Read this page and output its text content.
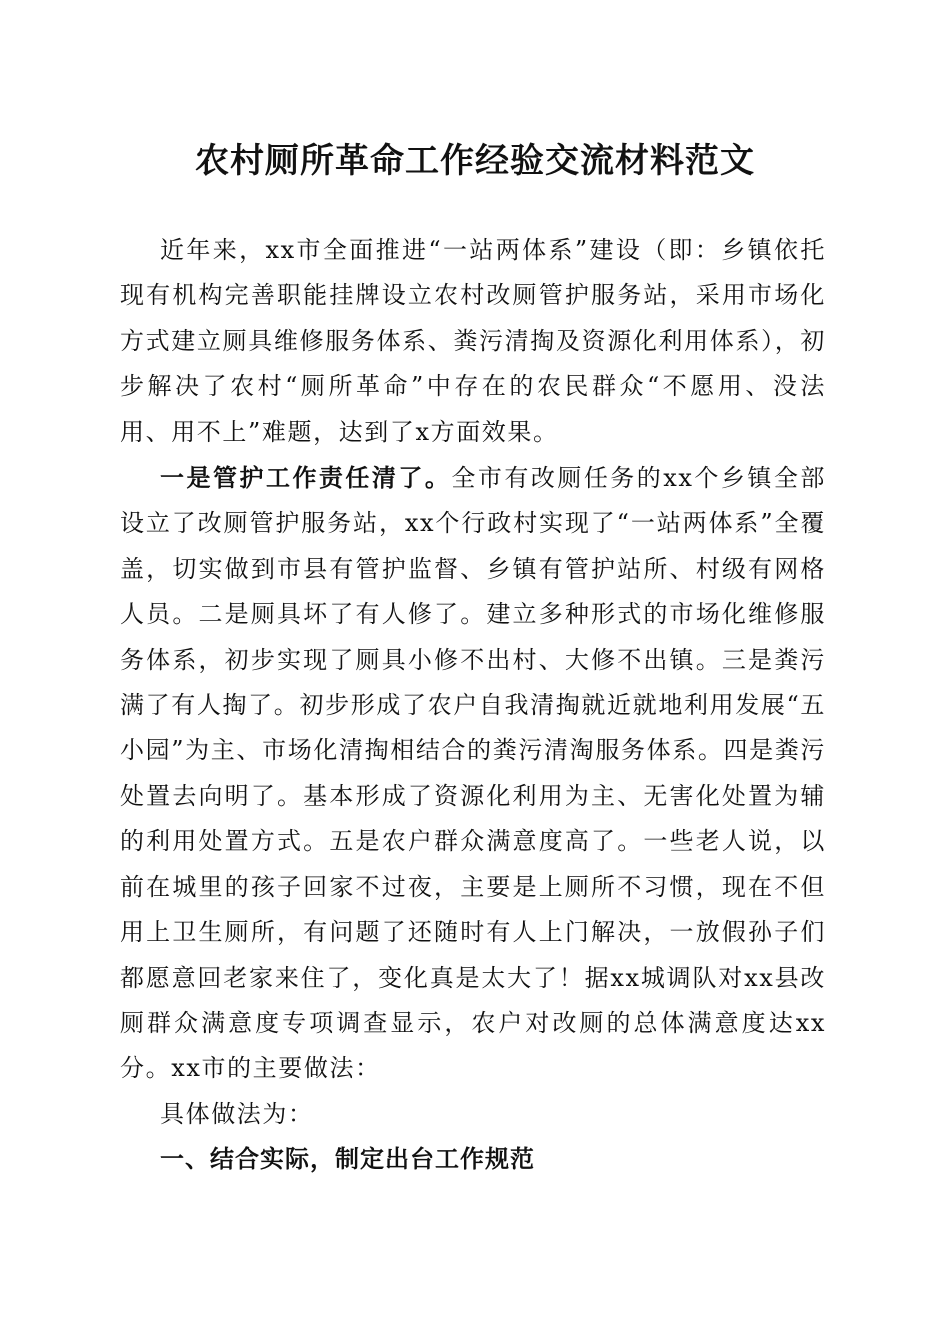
农村厕所革命工作经验交流材料范文

近年来，xx市全面推进“一站两体系”建设（即：乡镇依托现有机构完善职能挂牌设立农村改厕管护服务站，采用市场化方式建立厕具维修服务体系、粪污清掏及资源化利用体系），初步解决了农村“厕所革命”中存在的农民群众“不愿用、没法用、用不上”难题，达到了x方面效果。

一是管护工作责任清了。全市有改厕任务的xx个乡镇全部设立了改厕管护服务站，xx个行政村实现了“一站两体系”全覆盖，切实做到市县有管护监督、乡镇有管护站所、村级有网格人员。二是厕具坏了有人修了。建立多种形式的市场化维修服务体系，初步实现了厕具小修不出村、大修不出镇。三是粪污满了有人掏了。初步形成了农户自我清掏就近就地利用发展“五小园”为主、市场化清掏相结合的粪污清淘服务体系。四是粪污处置去向明了。基本形成了资源化利用为主、无害化处置为辅的利用处置方式。五是农户群众满意度高了。一些老人说，以前在城里的孩子回家不过夜，主要是上厕所不习惯，现在不但用上卫生厕所，有问题了还随时有人上门解决，一放假孙子们都愿意回老家来住了，变化真是太大了！据xx城调队对xx县改厕群众满意度专项调查显示，农户对改厕的总体满意度达xx分。xx市的主要做法：

具体做法为：

一、结合实际，制定出台工作规范
